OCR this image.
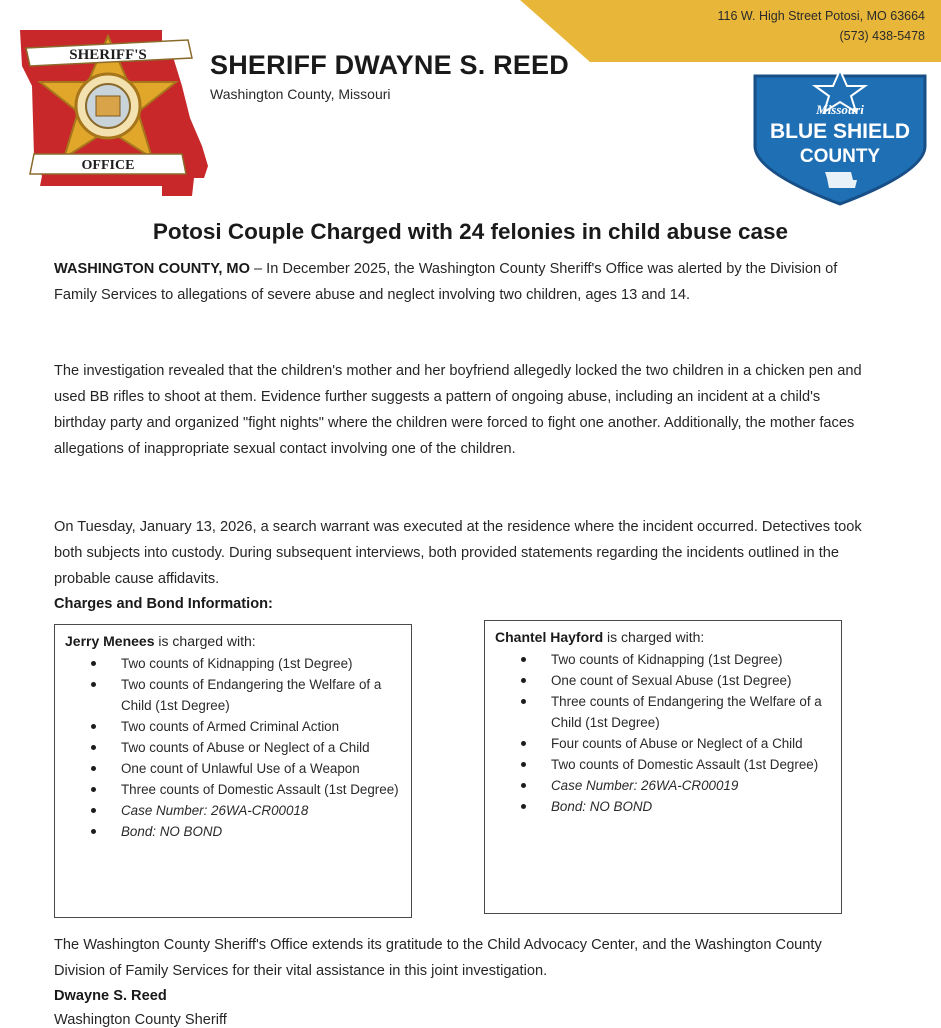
116 W. High Street Potosi, MO 63664
(573) 438-5478
SHERIFF'S
OFFICE
SHERIFF DWAYNE S. REED
Washington County, Missouri
Missouri
BLUE SHIELD
COUNTY
Potosi Couple Charged with 24 felonies in child abuse case

WASHINGTON COUNTY, MO – In December 2025, the Washington County Sheriff's Office was alerted by the Division of Family Services to allegations of severe abuse and neglect involving two children, ages 13 and 14.

The investigation revealed that the children's mother and her boyfriend allegedly locked the two children in a chicken pen and used BB rifles to shoot at them. Evidence further suggests a pattern of ongoing abuse, including an incident at a child's birthday party and organized "fight nights" where the children were forced to fight one another. Additionally, the mother faces allegations of inappropriate sexual contact involving one of the children.

On Tuesday, January 13, 2026, a search warrant was executed at the residence where the incident occurred. Detectives took both subjects into custody. During subsequent interviews, both provided statements regarding the incidents outlined in the probable cause affidavits.

Charges and Bond Information:
Jerry Menees is charged with:
Two counts of Kidnapping (1st Degree)
Two counts of Endangering the Welfare of a Child (1st Degree)
Two counts of Armed Criminal Action
Two counts of Abuse or Neglect of a Child
One count of Unlawful Use of a Weapon
Three counts of Domestic Assault (1st Degree)
Case Number: 26WA-CR00018
Bond: NO BOND
Chantel Hayford is charged with:
Two counts of Kidnapping (1st Degree)
One count of Sexual Abuse (1st Degree)
Three counts of Endangering the Welfare of a Child (1st Degree)
Four counts of Abuse or Neglect of a Child
Two counts of Domestic Assault (1st Degree)
Case Number: 26WA-CR00019
Bond: NO BOND

The Washington County Sheriff's Office extends its gratitude to the Child Advocacy Center, and the Washington County Division of Family Services for their vital assistance in this joint investigation.

Dwayne S. Reed
Washington County Sheriff
